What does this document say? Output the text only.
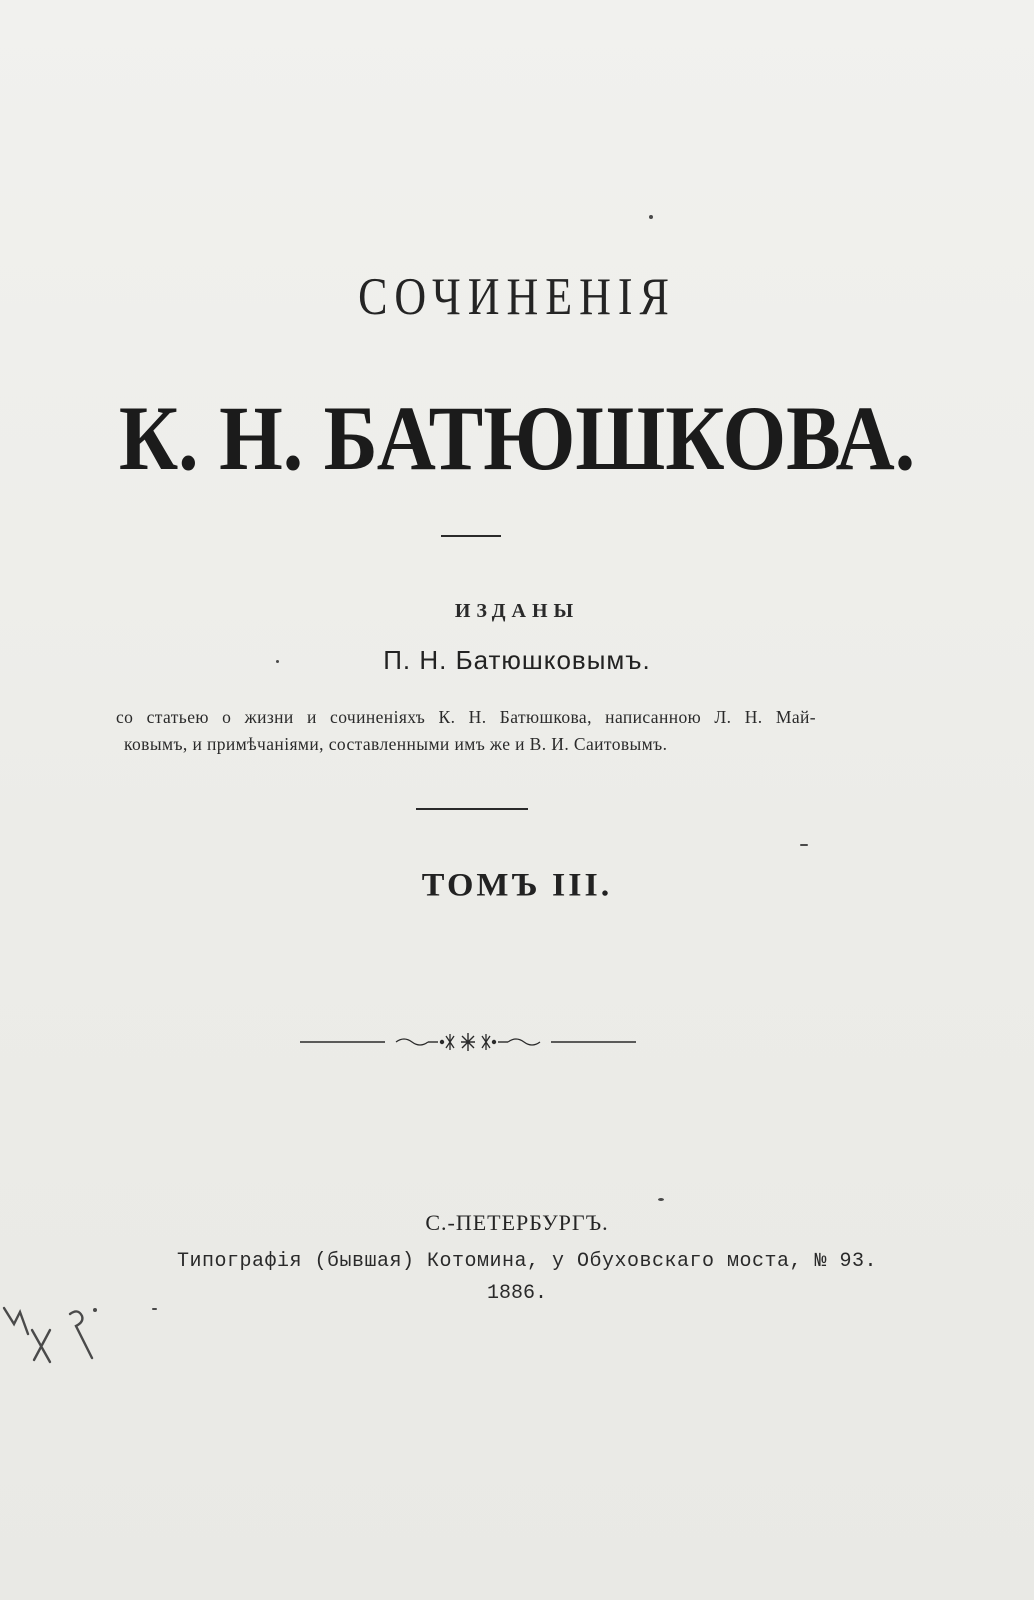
СОЧИНЕНІЯ
К. Н. БАТЮШКОВА.
ИЗДАНЫ
П. Н. Батюшковымъ.

со статьею о жизни и сочиненіяхъ К. Н. Батюшкова, написанною Л. Н. Май-

ковымъ, и примѣчаніями, составленными имъ же и В. И. Саитовымъ.

ТОМЪ III.
С.-ПЕТЕРБУРГЪ.
Типографія (бывшая) Котомина, у Обуховскаго моста, № 93.
1886.
